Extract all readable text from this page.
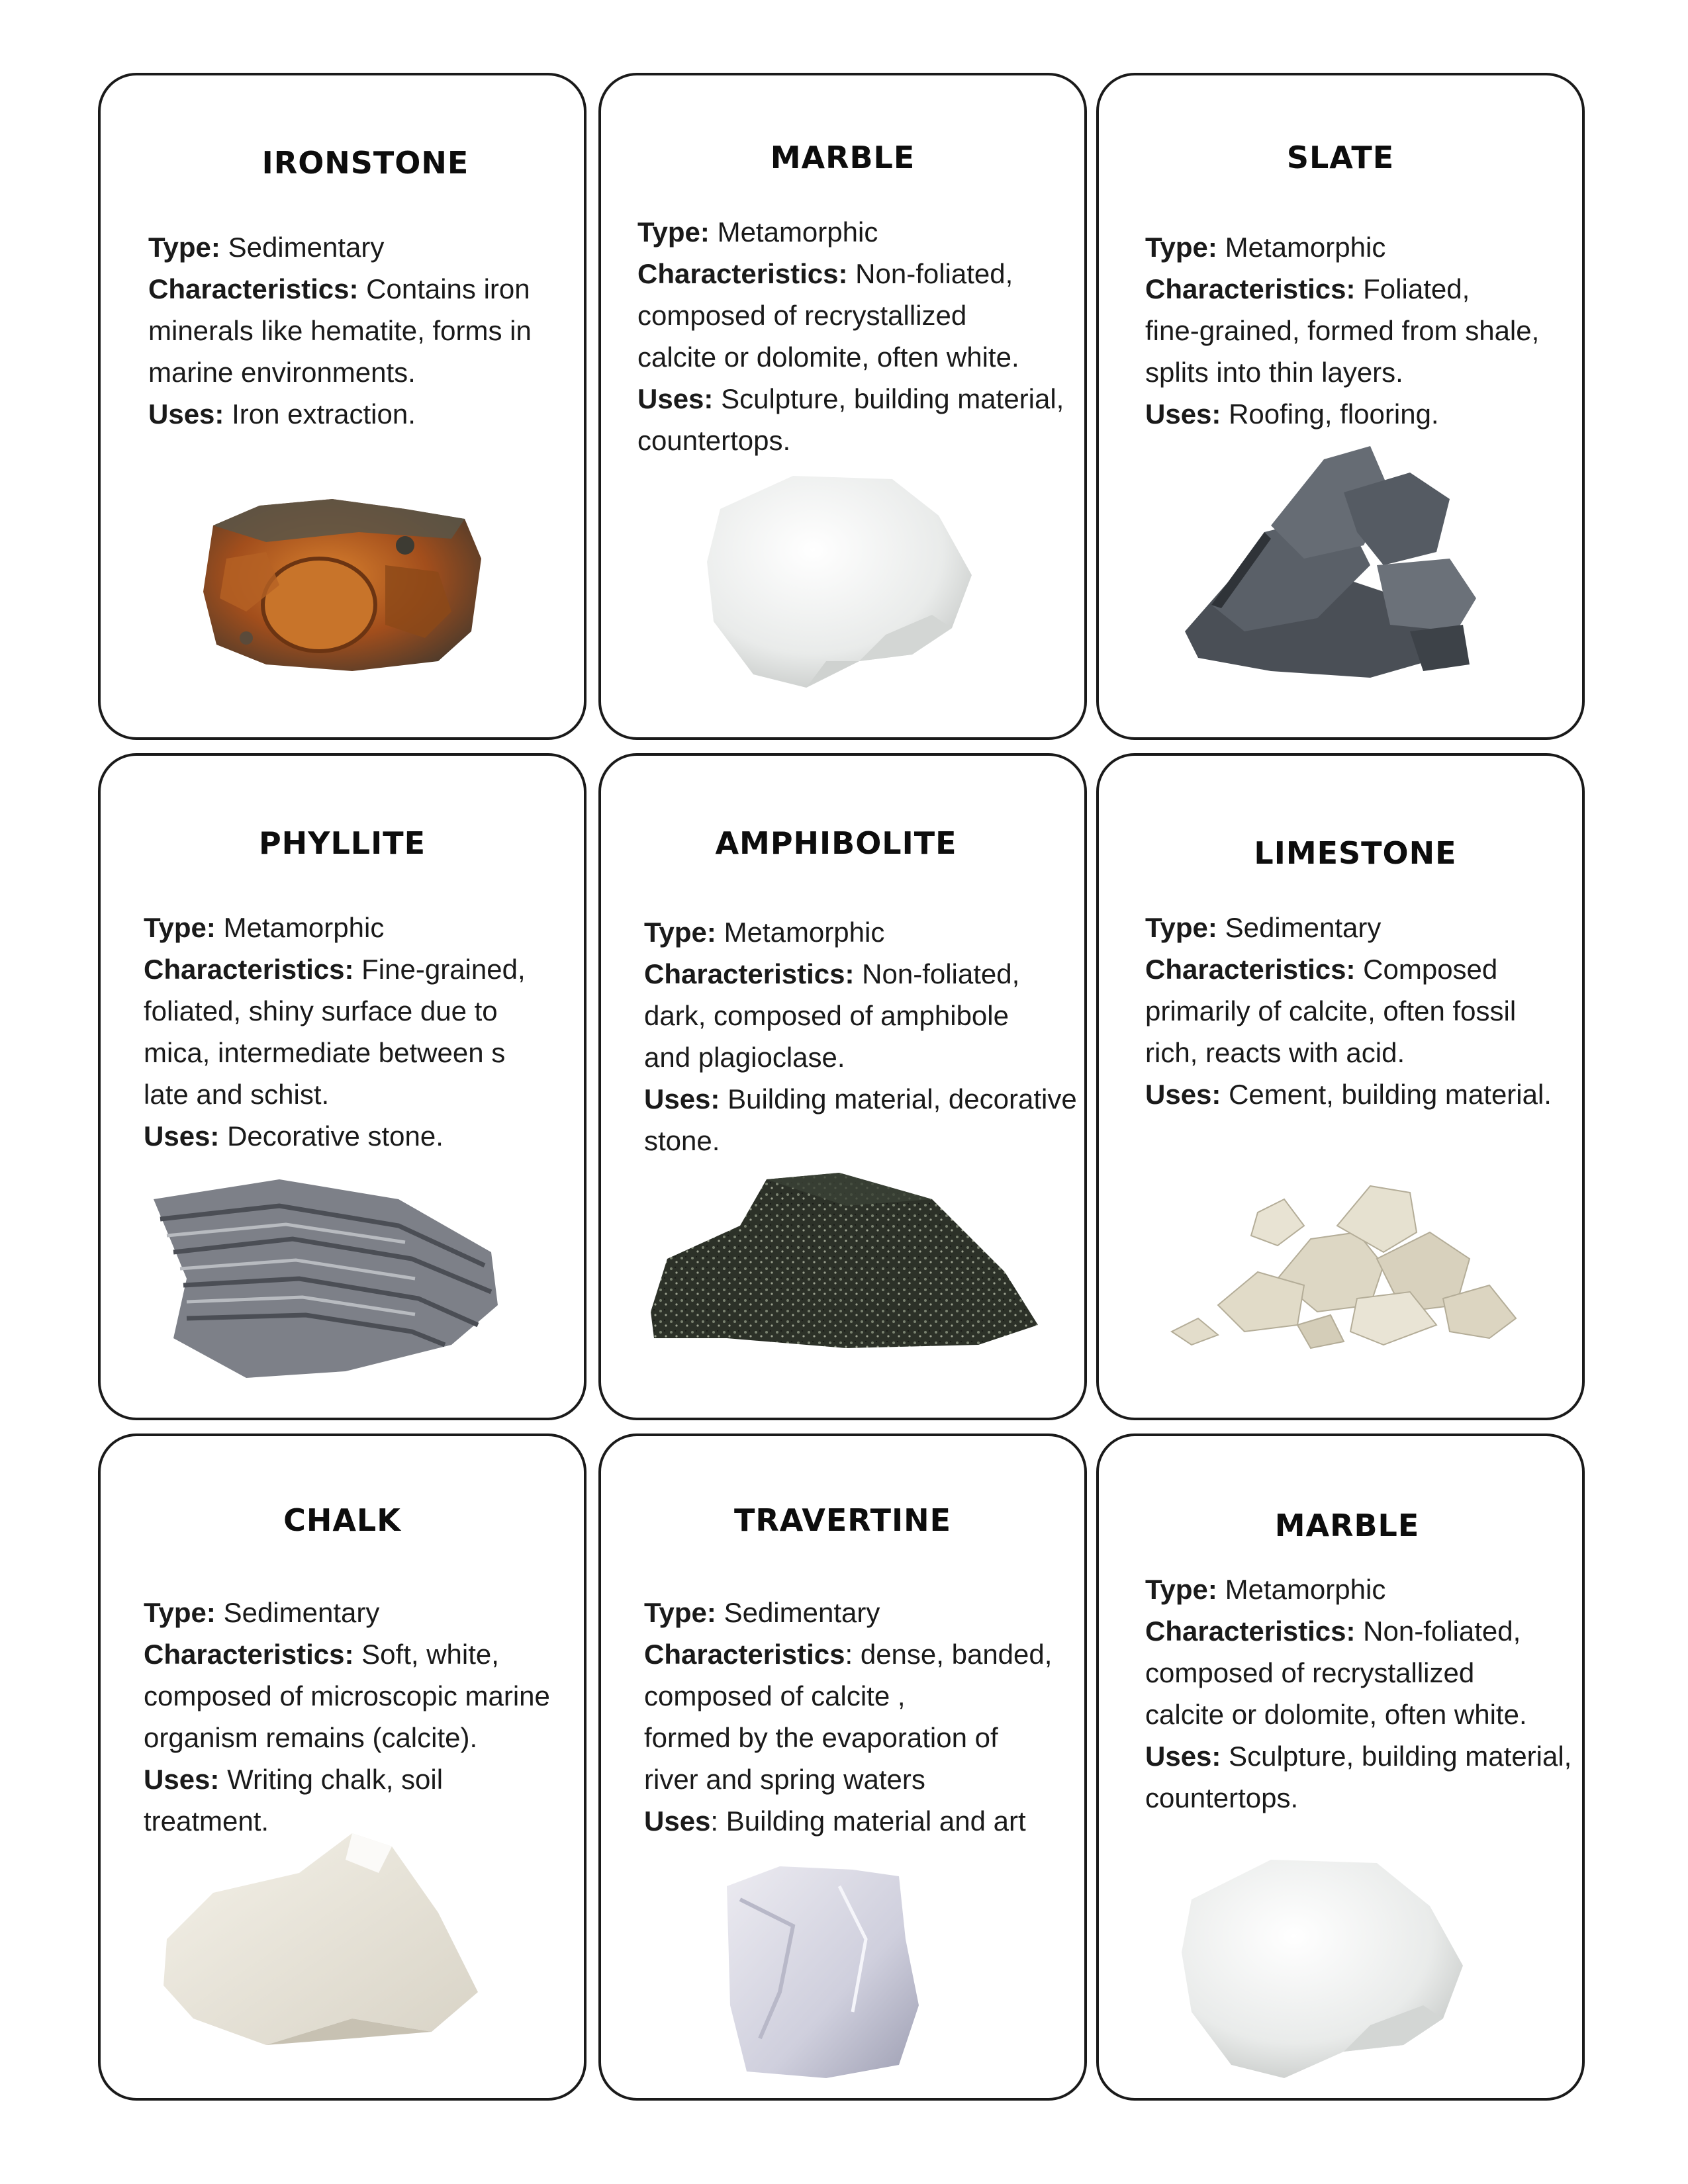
IRONSTONE
Type: Sedimentary
Characteristics: Contains iron
minerals like hematite, forms in
marine environments.
Uses: Iron extraction.
MARBLE
Type: Metamorphic
Characteristics: Non-foliated,
composed of recrystallized
calcite or dolomite, often white.
Uses: Sculpture, building material,
countertops.
SLATE
Type: Metamorphic
Characteristics: Foliated,
fine-grained, formed from shale,
splits into thin layers.
Uses: Roofing, flooring.
PHYLLITE
Type: Metamorphic
Characteristics: Fine-grained,
foliated, shiny surface due to
mica, intermediate between s
late and schist.
Uses: Decorative stone.
AMPHIBOLITE
Type: Metamorphic
Characteristics: Non-foliated,
dark, composed of amphibole
and plagioclase.
Uses: Building material, decorative
stone.
LIMESTONE
Type: Sedimentary
Characteristics: Composed
primarily of calcite, often fossil
rich, reacts with acid.
Uses: Cement, building material.
CHALK
Type: Sedimentary
Characteristics: Soft, white,
composed of microscopic marine
organism remains (calcite).
Uses: Writing chalk, soil
treatment.
TRAVERTINE
Type: Sedimentary
Characteristics: dense, banded,
composed of calcite ,
formed by the evaporation of
river and spring waters
Uses: Building material and art
MARBLE
Type: Metamorphic
Characteristics: Non-foliated,
composed of recrystallized
calcite or dolomite, often white.
Uses: Sculpture, building material,
countertops.
